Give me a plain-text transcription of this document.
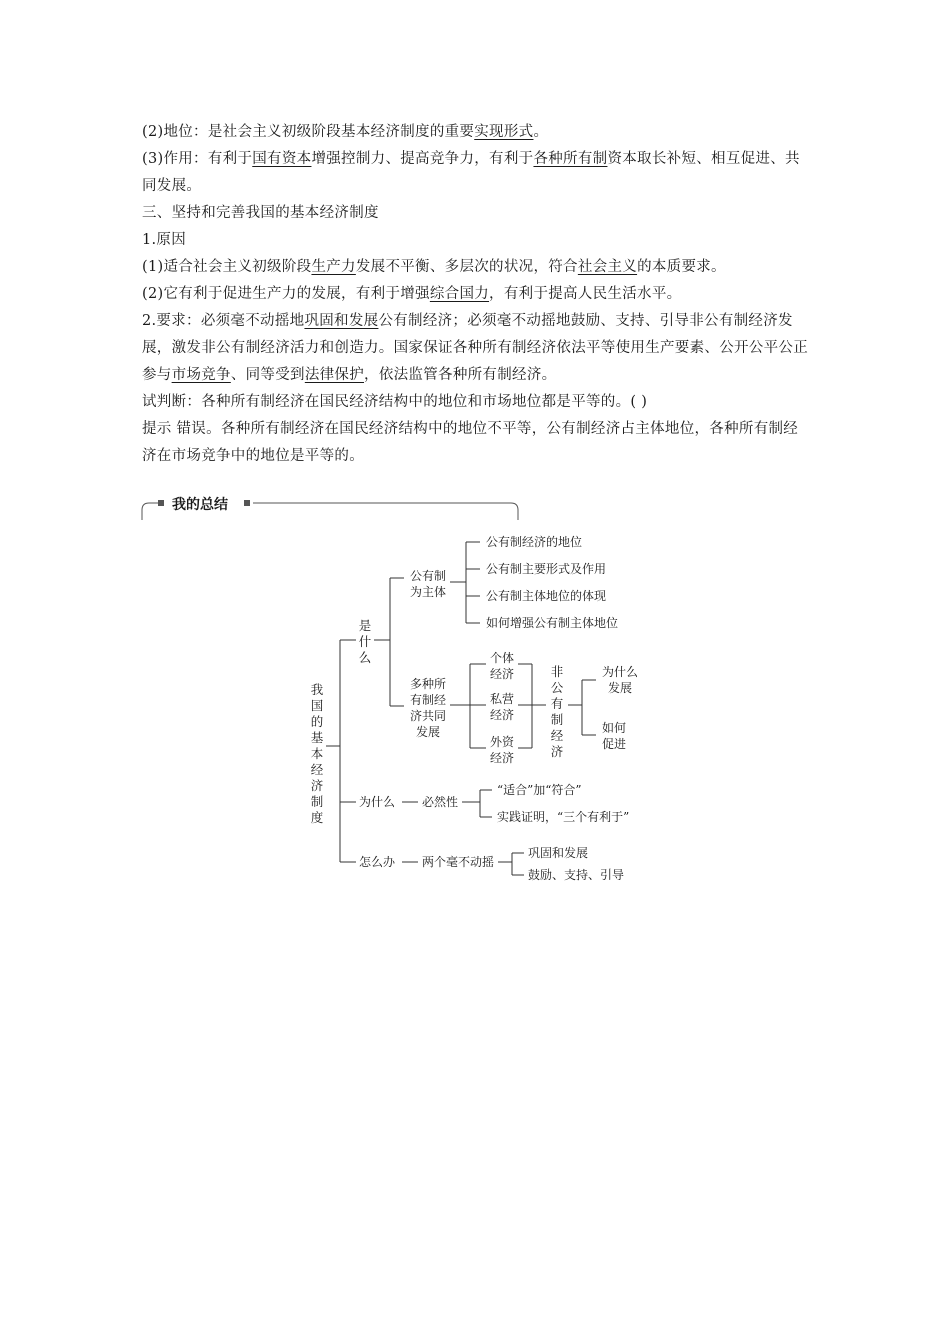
(2)地位：是社会主义初级阶段基本经济制度的重要实现形式。
(3)作用：有利于国有资本增强控制力、提高竞争力，有利于各种所有制资本取长补短、相互促进、共同发展。
三、坚持和完善我国的基本经济制度
1.原因
(1)适合社会主义初级阶段生产力发展不平衡、多层次的状况，符合社会主义的本质要求。
(2)它有利于促进生产力的发展，有利于增强综合国力，有利于提高人民生活水平。
2.要求：必须毫不动摇地巩固和发展公有制经济；必须毫不动摇地鼓励、支持、引导非公有制经济发展，激发非公有制经济活力和创造力。国家保证各种所有制经济依法平等使用生产要素、公开公平公正参与市场竞争、同等受到法律保护，依法监管各种所有制经济。
试判断：各种所有制经济在国民经济结构中的地位和市场地位都是平等的。( )
提示 错误。各种所有制经济在国民经济结构中的地位不平等，公有制经济占主体地位，各种所有制经济在市场竞争中的地位是平等的。
我的总结
我国的基本经济制度
是什么
公有制
为主体
公有制经济的地位
公有制主要形式及作用
公有制主体地位的体现
如何增强公有制主体地位
多种所
有制经
济共同
发展
个体
经济
私营
经济
外资
经济
非公有制经济
为什么
发展
如何
促进
为什么 必然性
“适合”加“符合”
实践证明，“三个有利于”
怎么办 两个毫不动摇
巩固和发展
鼓励、支持、引导
